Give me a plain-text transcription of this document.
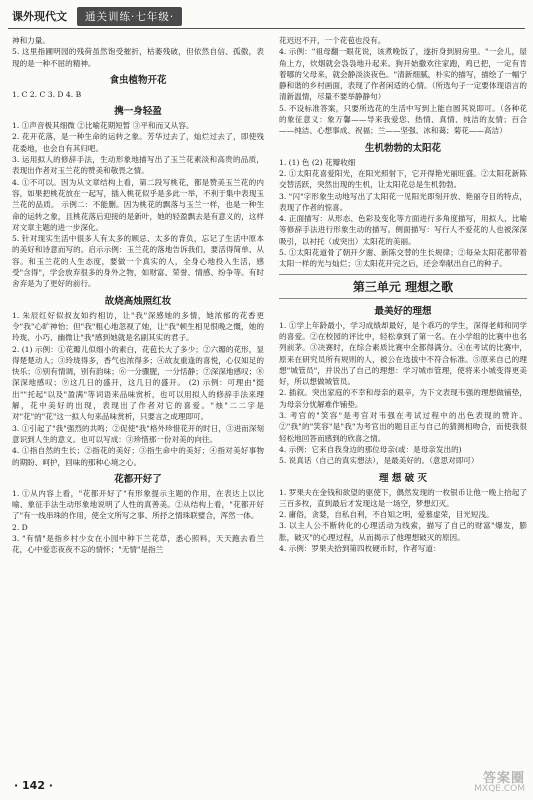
课外现代文	通关训练·七年级·
神和力量。
5. 这里指圃明园的残荷虽然饱受摧折，枯萎残破，但依然自信、孤傲，表现的是一种不屈的精神。
食虫植物开花
1. C 2. C 3. D 4. B
携一身轻盈
1. ①声音极其细微 ②比喻花期短暂 ③平和而又从容。
2. 花开花落，是一种生命的运转之象。芳华过去了，灿烂过去了，即使残花委地，也会自有其归吧。
3. 运用拟人的修辞手法，生动形象地描写出了玉兰花素淡和高贵的品质，表现出作者对玉兰花的赞美和敬畏之情。
4. ①不可以。因为从文章结构上看，第二段写桃花，都是赞美玉兰花的内容，如果把桃花放在一起写，插入桃花似乎是多此一举，不利于集中表现玉兰花的品质。 示例二：不能删。因为桃花的飘落与玉兰一样，也是一种生命的运转之象，且桃花落后迎接的是新叶，她的轻盈飘去是有意义的，这样对文章主题的进一步深化。
5. 针对现实生活中很多人有太多的顾忌、太多的背负，忘记了生活中原本的美好和诗意而写的。启示示例：玉兰花的落地告诉我们，要活得简单、从容。和玉兰花的人生态度，要做一个真实的人，全身心地投入生活，感受"含得"，学会放弃很多的身外之物，如财富、荣誉、情感、纷争等。有时舍弃是为了更好的前行。
故烧高烛照红妆
1. 朱辰红好似叔友如约相访，让"我"深感她的多情，她浓郁的花香更令"我"心旷神怡；但"我"粗心地忽视了她，让"我"顿生相见恨晚之慨，她的玲珑、小巧、幽微让"我"感到她就是名副其实的君子。
2. (1) 示例：①花瓣儿似细小的素白，花苞长大了多少；②六瓣的花形，显得楚楚动人；③玲珑得多，香气也浓得多；④故友重逢的喜悦，心仅知足的快乐；⑤别有情调，别有韵味；⑥一分骤腥，一分恬静；⑦深深地感叹；⑧深深地感叹；⑨这几日的盛开，这几日的盛开。 (2) 示例：可理由"挺出""托起"以及"盈满"等词语来品味赏析，也可以用拟人的修辞手法来理解，花中美好的出现，表现出了作者对它的喜爱。"烛"二二字是对"花"的"花"这一拟人句来品味赏析，只要言之成理即可。
3. ①引起了"我"强烈的共鸣；②促使"我"格外珍惜花开的时日，③进而深刻意识到人生的意义。也可以写成：③珍惜那一份对美的向往。
4. ①指自然的生长；②指花的美好；③指生命中的美好；④指对美好事物的期盼、呵护，回味的那种心境之心。
花都开好了
1. ①从内容上看，"花都开好了"有形象提示主题的作用，在表达上以比喻、象征手法生动形象地说明了人性的真善美。②从结构上看，"花都开好了"有一线串珠的作用，使全文所写之事、所抒之情珠联璧合，浑然一体。
2. D
3. "有情"是指乡村少女在小园中种下兰花草，悉心照料，天天跑去看兰花，心中爱恋夜夜不忘的情怀；"无情"是指兰
花迟迟不开，一个花苞也没有。
4. 示例："祖母翻一眼花说，该煮晚饭了，遂折身到厨房里。"一会儿，屋角上方，炊烟就会袅袅地升起来。狗开始撒欢往家跑，鸡已把，一定有肯着哪的父母来，就会静淡淡夜色。"清新细腻，朴实的描写，描绘了一幅宁静和谐的乡村画面，表现了作者闲适的心情。（所选句子一定要体现语言的清新温情，尽量不要举静静句）
5. 不设标准答案，只要所选花的生活中写到上能自圆其说即可。（各种花的象征意义：象万馨——导来我爱您、热情、真情、纯洁的友情；百合——纯洁、心想事成、祝福；兰——坚强、冰和蔼；菊花——高洁）
生机勃勃的太阳花
1. (1) 色 (2) 花瓣收细
2. ①太阳花喜爱阳光，在阳光照射下，它开得艳光丽旺盛。②太阳花新陈交替活跃，突然出现的生机，让太阳花总是生机勃勃。
3. "闪"字形象生动地写出了太阳花一见阳光即刻开放、艳丽夺目的特点，表现了作者的惊喜。
4. 正面描写：从形态、色彩及变化等方面进行多角度描写，用拟人、比喻等修辞手法进行形象生动的描写。侧面描写：写行人不爱花的人也被深深吸引，以衬托（或突出）太阳花的美丽。
5. ①太阳花道骨了朝开夕谢、新陈交替的生长规律；②每朵太阳花都带着太阳一样的光与灿烂；③太阳花开完之后，还会奉献出自己的种子。
第三单元 理想之歌
最美好的理想
1. ①学上年龄最小，学习成绩却最好，是个乖巧的学生，深得老师和同学的喜爱。②在校园的评比中，轻松拿到了第一名。在小学组的比赛中也名列前茅。③决赛时，在综合素质比赛中全都得满分。④在考试的比赛中，原来在研究员所有规则的人，被公在选拔中不符合标准。⑤原来自己的理想"城管员"，并说出了自己的理想：学习城市管理，使将来小城变得更美好，所以想做城管员。
2. 插叙。突出家庭的不幸和母亲的艰辛，为下文表现韦强的理想做铺垫，为母亲分忧解难作铺垫。
3. 考官的"笑容"是考官对韦强在考试过程中的出色表现的赞许。②"我"的"笑容"是"我"为考官出的题目正与自己的猜测相吻合，而使我很轻松地回答而感到的欣喜之情。
4. 示例：它来自我身边的那位母亲(或：是母亲发出的)
5. 说真话（自己的真实想法），是最美好的。（意思对即可）
理 想 破 灭
1. 罗果夫在金钱和欲望的驱使下，偶然发现的一枚银币让他一晚上拾起了三百多枚，直到最后才发现这是一场空，梦想幻灭。
2. 庸俗，贪婪，自私自利，不自知之明，爱慕虚荣，目光短浅。
3. 以主人公不断转化的心理活动为线索，描写了自己的财富"爆发，膨胀，破灭"的心理过程，从而揭示了他理想破灭的原因。
4. 示例：罗果夫拾到第四枚硬币时，作者写道：
· 142 ·	答案圈
MXQE.COM
